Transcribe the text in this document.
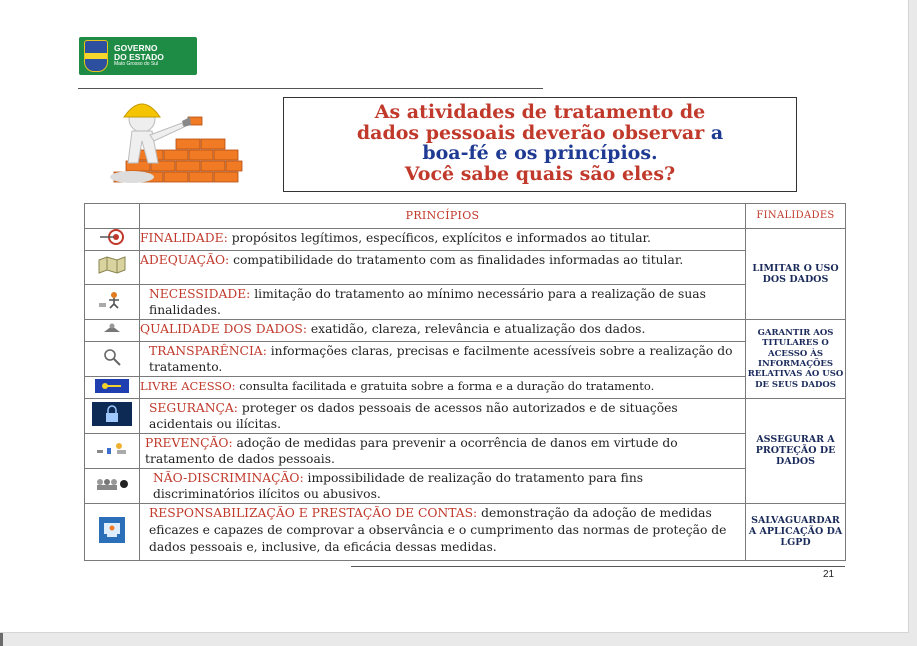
GOVERNO
DO ESTADO
Mato Grosso do Sul
As atividades de tratamento de
dados pessoais deverão observar a
boa-fé e os princípios.
Você sabe quais são eles?
	PRINCÍPIOS	FINALIDADES
	FINALIDADE: propósitos legítimos, específicos, explícitos e informados ao titular.	LIMITAR O USO DOS DADOS
	ADEQUAÇÃO: compatibilidade do tratamento com as finalidades informadas ao titular.	
	NECESSIDADE: limitação do tratamento ao mínimo necessário para a realização de suas finalidades.	
	QUALIDADE DOS DADOS: exatidão, clareza, relevância e atualização dos dados.	GARANTIR AOS TITULARES O ACESSO ÀS INFORMAÇÕES RELATIVAS AO USO DE SEUS DADOS
	TRANSPARÊNCIA: informações claras, precisas e facilmente acessíveis sobre a realização do tratamento.	
	LIVRE ACESSO: consulta facilitada e gratuita sobre a forma e a duração do tratamento.	
	SEGURANÇA: proteger os dados pessoais de acessos não autorizados e de situações acidentais ou ilícitas.	ASSEGURAR A PROTEÇÃO DE DADOS
	PREVENÇÃO: adoção de medidas para prevenir a ocorrência de danos em virtude do tratamento de dados pessoais.	
	NÃO-DISCRIMINAÇÃO: impossibilidade de realização do tratamento para fins discriminatórios ilícitos ou abusivos.	
	RESPONSABILIZAÇÃO E PRESTAÇÃO DE CONTAS: demonstração da adoção de medidas eficazes e capazes de comprovar a observância e o cumprimento das normas de proteção de dados pessoais e, inclusive, da eficácia dessas medidas.	SALVAGUARDAR A APLICAÇÃO DA LGPD
21
